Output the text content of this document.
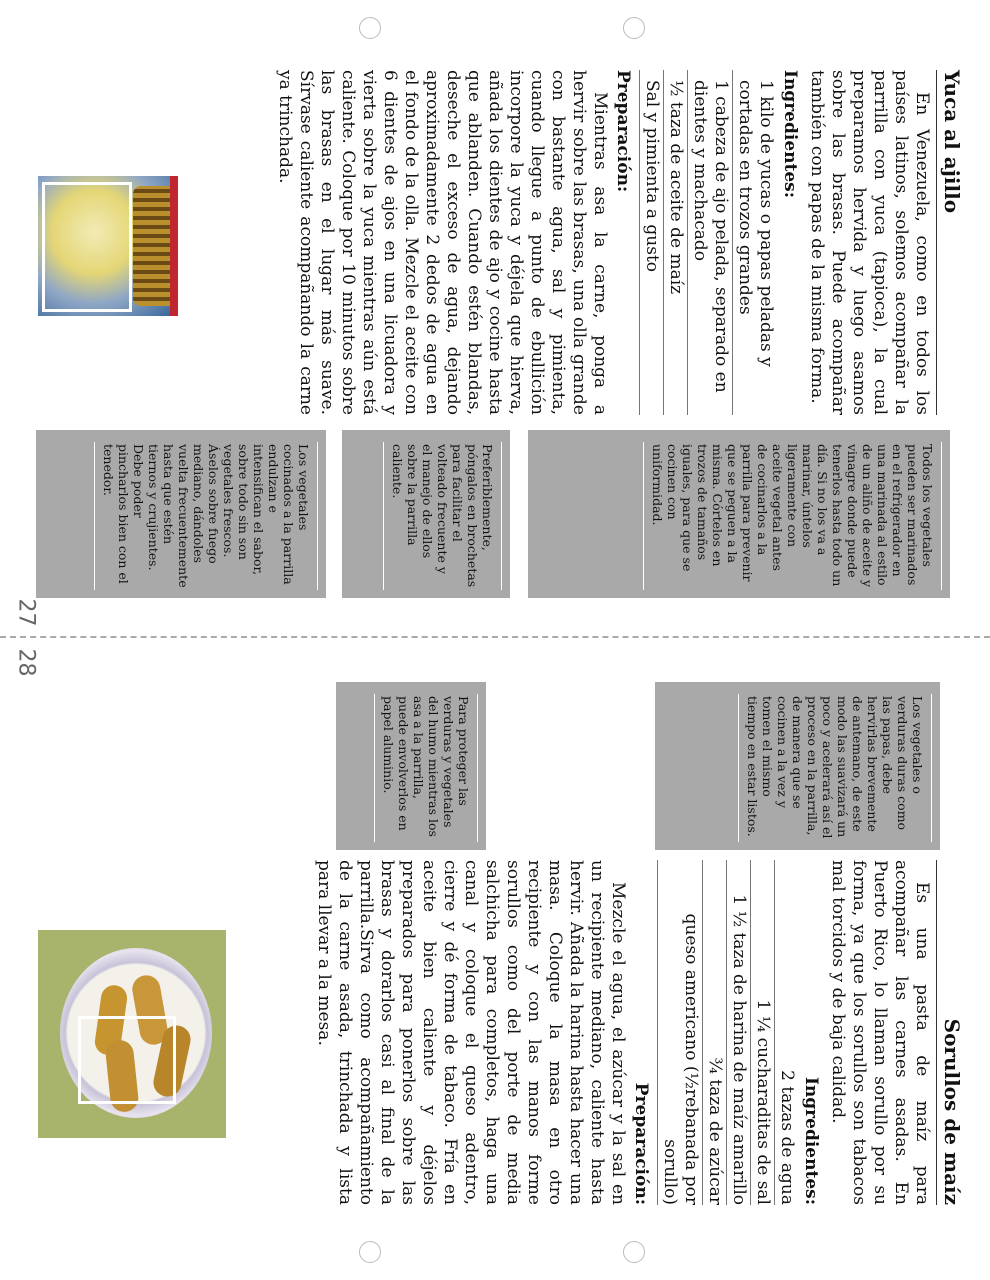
27
28
Yuca al ajillo

En Venezuela, como en todos los países latinos, solemos acompañar la parrilla con yuca (tapioca), la cual preparamos hervida y luego asamos sobre las brasas. Puede acompañar también con papas de la misma forma.

Ingredientes:
1 kilo de yucas o papas peladas y cortadas en trozos grandes
1 cabeza de ajo pelada, separado en dientes y machacado
½ taza de aceite de maíz
Sal y pimienta a gusto
Preparación:

Mientras asa la carne, ponga a hervir sobre las brasas, una olla grande con bastante agua, sal y pimienta, cuando llegue a punto de ebullición incorpore la yuca y déjela que hierva, añada los dientes de ajo y cocine hasta que ablanden. Cuando estén blandas, deseche el exceso de agua, dejando aproximadamente 2 dedos de agua en el fondo de la olla. Mezcle el aceite con 6 dientes de ajos en una licuadora y vierta sobre la yuca mientras aún está caliente. Coloque por 10 minutos sobre las brasas en el lugar más suave. Sírvase caliente acompañando la carne ya trinchada.

Todos los vegetales pueden ser marinados en el refrigerador en una marinada al estilo de un aliño de aceite y vinagre donde puede tenerlos hasta todo un día. Si no los va a marinar, úntelos ligeramente con aceite vegetal antes de cocinarlos a la parrilla para prevenir que se peguen a la misma. Córtelos en trozos de tamaños iguales, para que se cocinen con uniformidad.
Preferiblemente, póngalos en brochetas para facilitar el volteado frecuente y el manejo de ellos sobre la parrilla caliente.
Los vegetales cocinados a la parrilla endulzan e intensifican el sabor, sobre todo sin son vegetales frescos. Áselos sobre fuego mediano, dándoles vuelta frecuentemente hasta que estén tiernos y crujientes. Debe poder pincharlos bien con el tenedor.
Los vegetales o verduras duras como las papas, debe hervirlas brevemente de antemano, de este modo las suavizará un poco y acelerará así el proceso en la parrilla, de manera que se cocinen a la vez y tomen el mismo tiempo en estar listos.
Para proteger las verduras y vegetales del humo mientras los asa a la parrilla, puede envolverlos en papel aluminio.
Sorullos de maíz

Es una pasta de maíz para acompañar las carnes asadas. En Puerto Rico, lo llaman sorullo por su forma, ya que los sorullos son tabacos mal torcidos y de baja calidad.

Ingredientes:
2 tazas de agua
1 ¼ cucharaditas de sal
1 ½ taza de harina de maíz amarillo
¾ taza de azúcar
queso americano (½rebanada por sorullo)
Preparación:

Mezcle el agua, el azúcar y la sal en un recipiente mediano, caliente hasta hervir. Añada la harina hasta hacer una masa. Coloque la masa en otro recipiente y con las manos forme sorullos como del porte de media salchicha para completos, haga una canal y coloque el queso adentro, cierre y dé forma de tabaco. Fría en aceite bien caliente y déjelos preparados para ponerlos sobre las brasas y dorarlos casi al final de la parrilla.Sirva como acompañamiento de la carne asada, trinchada y lista para llevar a la mesa.
